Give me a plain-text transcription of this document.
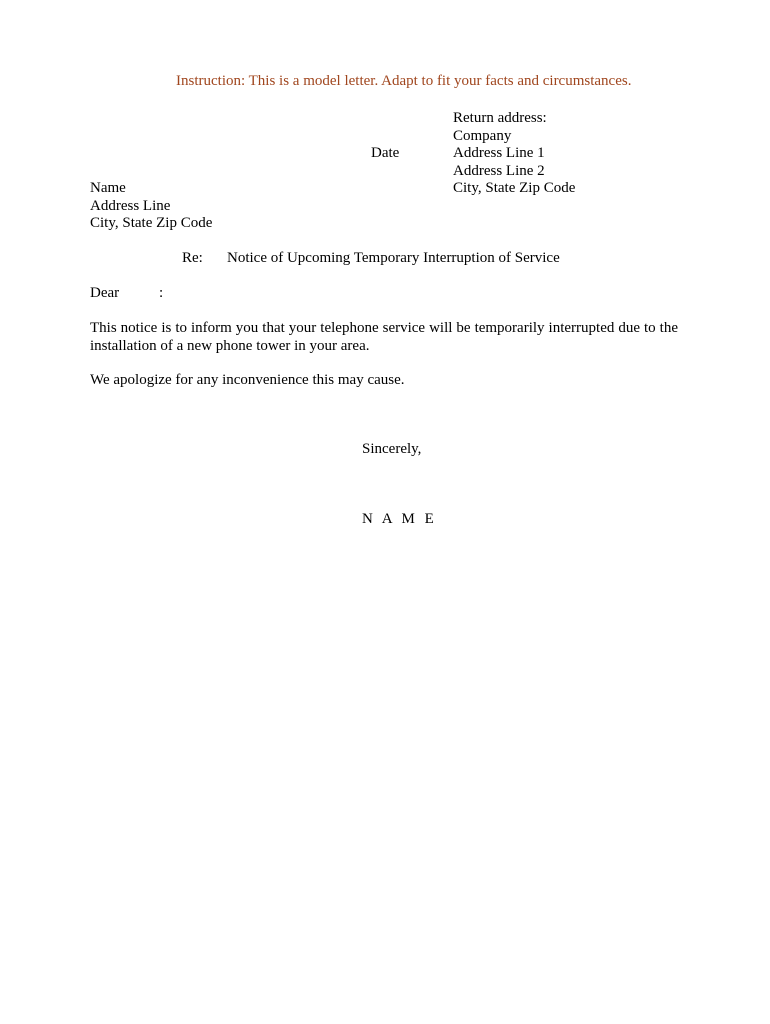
Instruction: This is a model letter. Adapt to fit your facts and circumstances.
Return address:
Company
Address Line 1
Address Line 2
City, State Zip Code
Date
Name
Address Line
City, State Zip Code
Re: Notice of Upcoming Temporary Interruption of Service
Dear	:
This notice is to inform you that your telephone service will be temporarily interrupted due to the installation of a new phone tower in your area.
We apologize for any inconvenience this may cause.
Sincerely,
N A M E
